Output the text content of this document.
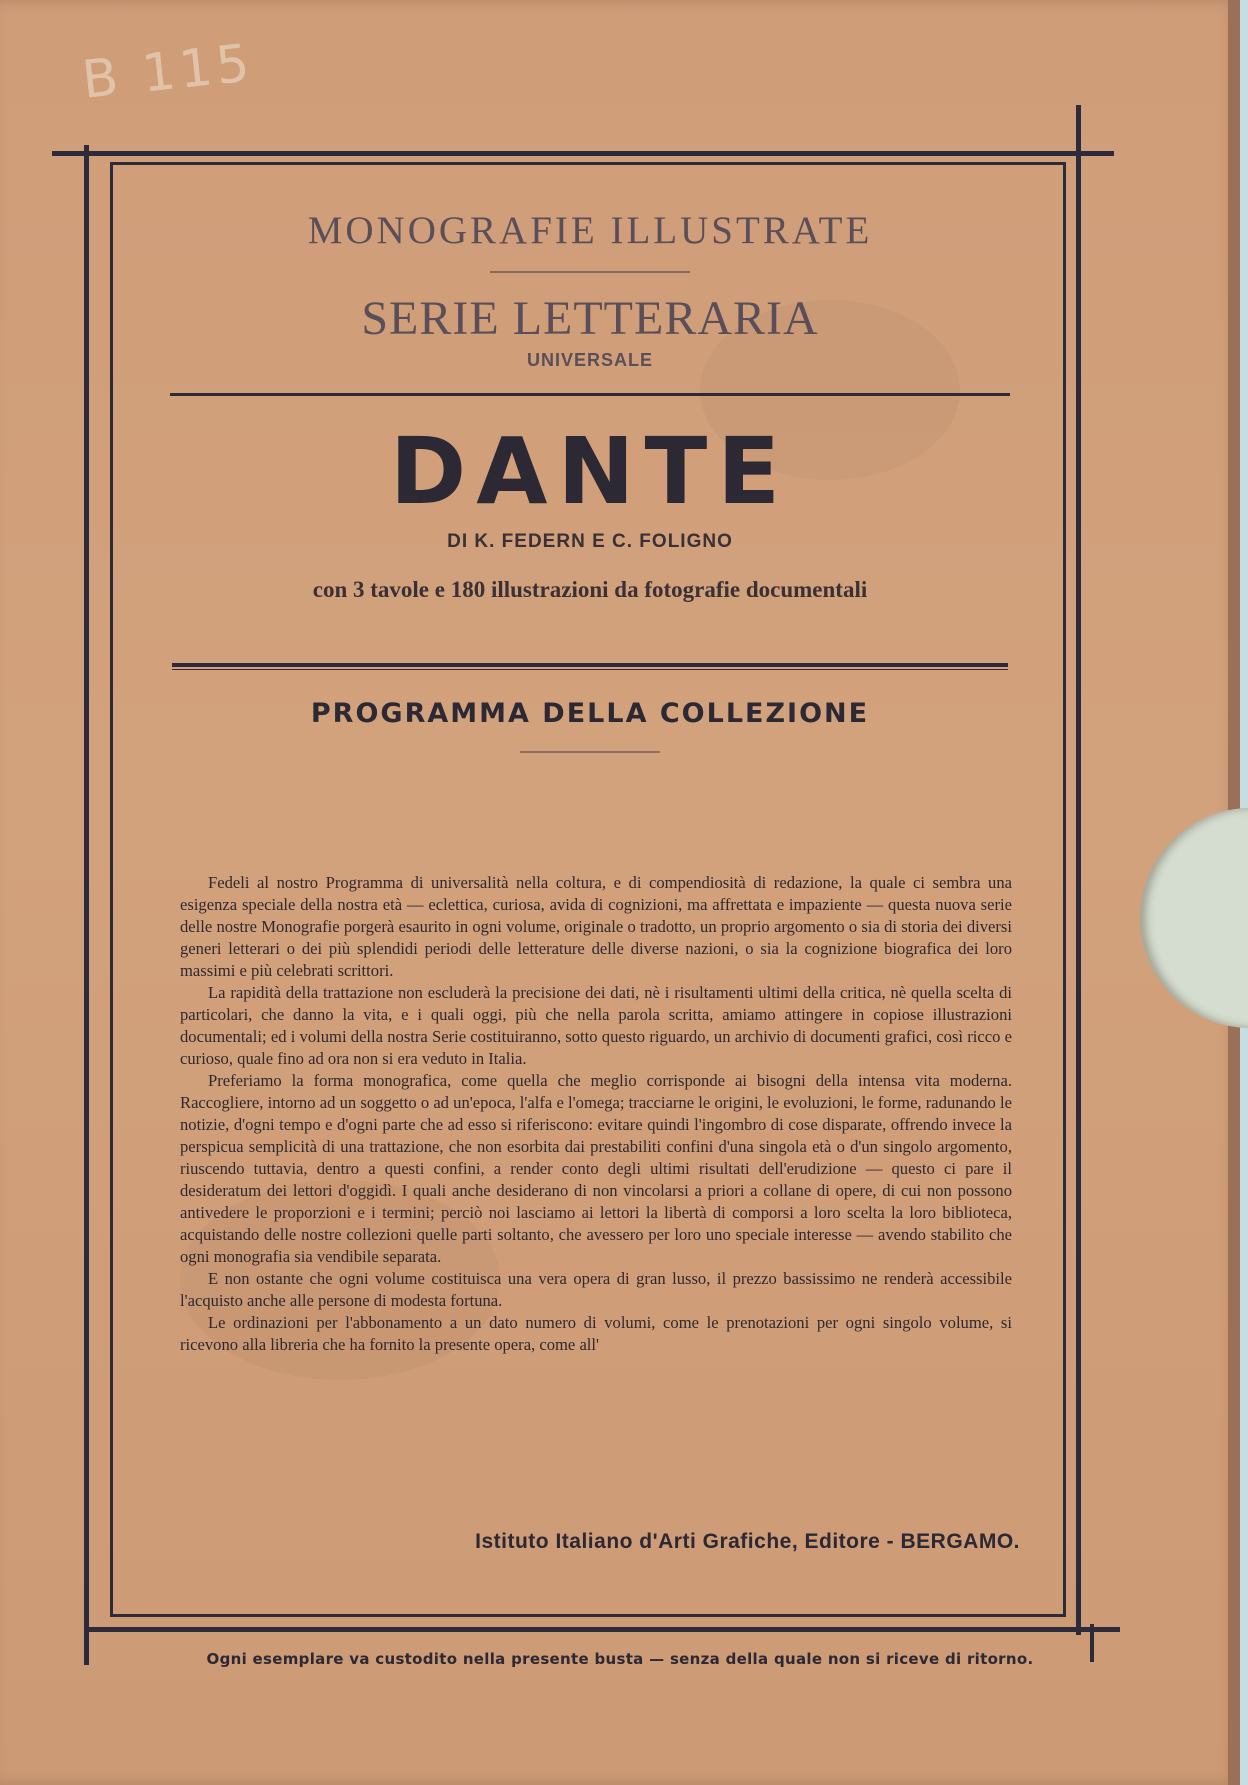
B 115
MONOGRAFIE ILLUSTRATE
SERIE LETTERARIA
UNIVERSALE
DANTE
DI K. FEDERN E C. FOLIGNO
con 3 tavole e 180 illustrazioni da fotografie documentali
PROGRAMMA DELLA COLLEZIONE

Fedeli al nostro Programma di universalità nella coltura, e di compendiosità di redazione, la quale ci sembra una esigenza speciale della nostra età — eclettica, curiosa, avida di cognizioni, ma affrettata e impaziente — questa nuova serie delle nostre Monografie porgerà esaurito in ogni volume, originale o tradotto, un proprio argomento o sia di storia dei diversi generi letterari o dei più splendidi periodi delle letterature delle diverse nazioni, o sia la cognizione biografica dei loro massimi e più celebrati scrittori.

La rapidità della trattazione non escluderà la precisione dei dati, nè i risultamenti ultimi della critica, nè quella scelta di particolari, che danno la vita, e i quali oggi, più che nella parola scritta, amiamo attingere in copiose illustrazioni documentali; ed i volumi della nostra Serie costituiranno, sotto questo riguardo, un archivio di documenti grafici, così ricco e curioso, quale fino ad ora non si era veduto in Italia.

Preferiamo la forma monografica, come quella che meglio corrisponde ai bisogni della intensa vita moderna. Raccogliere, intorno ad un soggetto o ad un'epoca, l'alfa e l'omega; tracciarne le origini, le evoluzioni, le forme, radunando le notizie, d'ogni tempo e d'ogni parte che ad esso si riferiscono: evitare quindi l'ingombro di cose disparate, offrendo invece la perspicua semplicità di una trattazione, che non esorbita dai prestabiliti confini d'una singola età o d'un singolo argomento, riuscendo tuttavia, dentro a questi confini, a render conto degli ultimi risultati dell'erudizione — questo ci pare il desideratum dei lettori d'oggidì. I quali anche desiderano di non vincolarsi a priori a collane di opere, di cui non possono antivedere le proporzioni e i termini; perciò noi lasciamo ai lettori la libertà di comporsi a loro scelta la loro biblioteca, acquistando delle nostre collezioni quelle parti soltanto, che avessero per loro uno speciale interesse — avendo stabilito che ogni monografia sia vendibile separata.

E non ostante che ogni volume costituisca una vera opera di gran lusso, il prezzo bassissimo ne renderà accessibile l'acquisto anche alle persone di modesta fortuna.

Le ordinazioni per l'abbonamento a un dato numero di volumi, come le prenotazioni per ogni singolo volume, si ricevono alla libreria che ha fornito la presente opera, come all'

Istituto Italiano d'Arti Grafiche, Editore - BERGAMO.
Ogni esemplare va custodito nella presente busta — senza della quale non si riceve di ritorno.
